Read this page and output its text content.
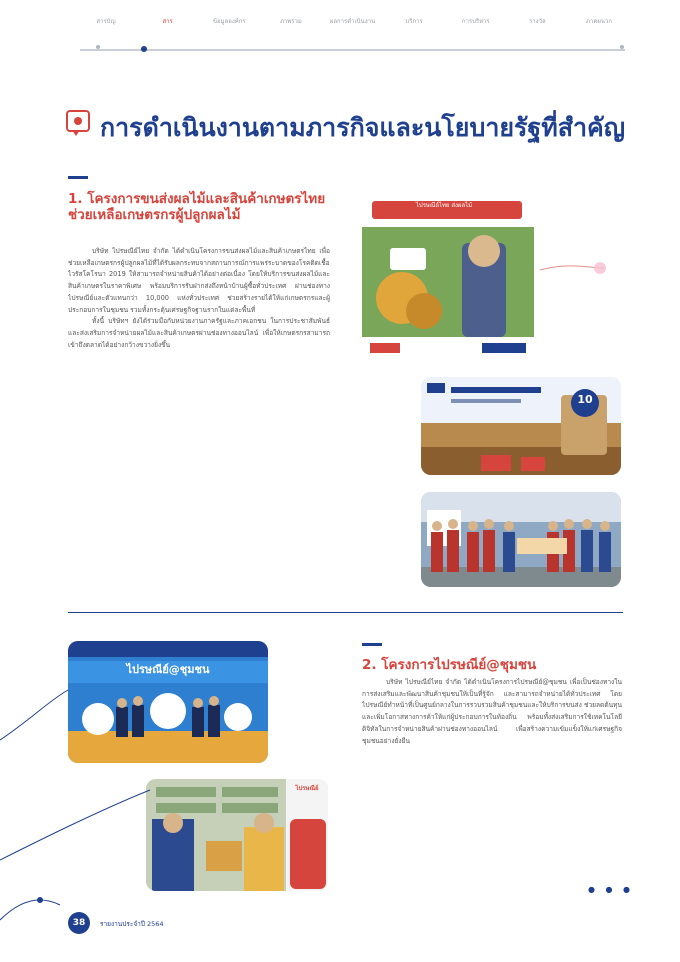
สารบัญ	สาร	ข้อมูลองค์กร	ภาพรวม	ผลการดำเนินงาน	บริการ	การบริหาร	รางวัล	ภาคผนวก
การดำเนินงานตามภารกิจและนโยบายรัฐที่สำคัญ
1. โครงการขนส่งผลไม้และสินค้าเกษตรไทย
ช่วยเหลือเกษตรกรผู้ปลูกผลไม้

บริษัท ไปรษณีย์ไทย จำกัด ได้ดำเนินโครงการขนส่งผลไม้และสินค้าเกษตรไทย เพื่อช่วยเหลือเกษตรกรผู้ปลูกผลไม้ที่ได้รับผลกระทบจากสถานการณ์การแพร่ระบาดของโรคติดเชื้อไวรัสโคโรนา 2019 ให้สามารถจำหน่ายสินค้าได้อย่างต่อเนื่อง โดยให้บริการขนส่งผลไม้และสินค้าเกษตรในราคาพิเศษ พร้อมบริการรับฝากส่งถึงหน้าบ้านผู้ซื้อทั่วประเทศ ผ่านช่องทางไปรษณีย์และตัวแทนกว่า 10,000 แห่งทั่วประเทศ ช่วยสร้างรายได้ให้แก่เกษตรกรและผู้ประกอบการในชุมชน รวมทั้งกระตุ้นเศรษฐกิจฐานรากในแต่ละพื้นที่

ทั้งนี้ บริษัทฯ ยังได้ร่วมมือกับหน่วยงานภาครัฐและภาคเอกชน ในการประชาสัมพันธ์และส่งเสริมการจำหน่ายผลไม้และสินค้าเกษตรผ่านช่องทางออนไลน์ เพื่อให้เกษตรกรสามารถเข้าถึงตลาดได้อย่างกว้างขวางยิ่งขึ้น

ไปรษณีย์ไทย ส่งผลไม้
10
ไปรษณีย์@ชุมชน
ไปรษณีย์
2. โครงการไปรษณีย์@ชุมชน

บริษัท ไปรษณีย์ไทย จำกัด ได้ดำเนินโครงการไปรษณีย์@ชุมชน เพื่อเป็นช่องทางในการส่งเสริมและพัฒนาสินค้าชุมชนให้เป็นที่รู้จัก และสามารถจำหน่ายได้ทั่วประเทศ โดยไปรษณีย์ทำหน้าที่เป็นศูนย์กลางในการรวบรวมสินค้าชุมชนและให้บริการขนส่ง ช่วยลดต้นทุนและเพิ่มโอกาสทางการค้าให้แก่ผู้ประกอบการในท้องถิ่น พร้อมทั้งส่งเสริมการใช้เทคโนโลยีดิจิทัลในการจำหน่ายสินค้าผ่านช่องทางออนไลน์ เพื่อสร้างความเข้มแข็งให้แก่เศรษฐกิจชุมชนอย่างยั่งยืน

● ● ●
38	รายงานประจำปี 2564
